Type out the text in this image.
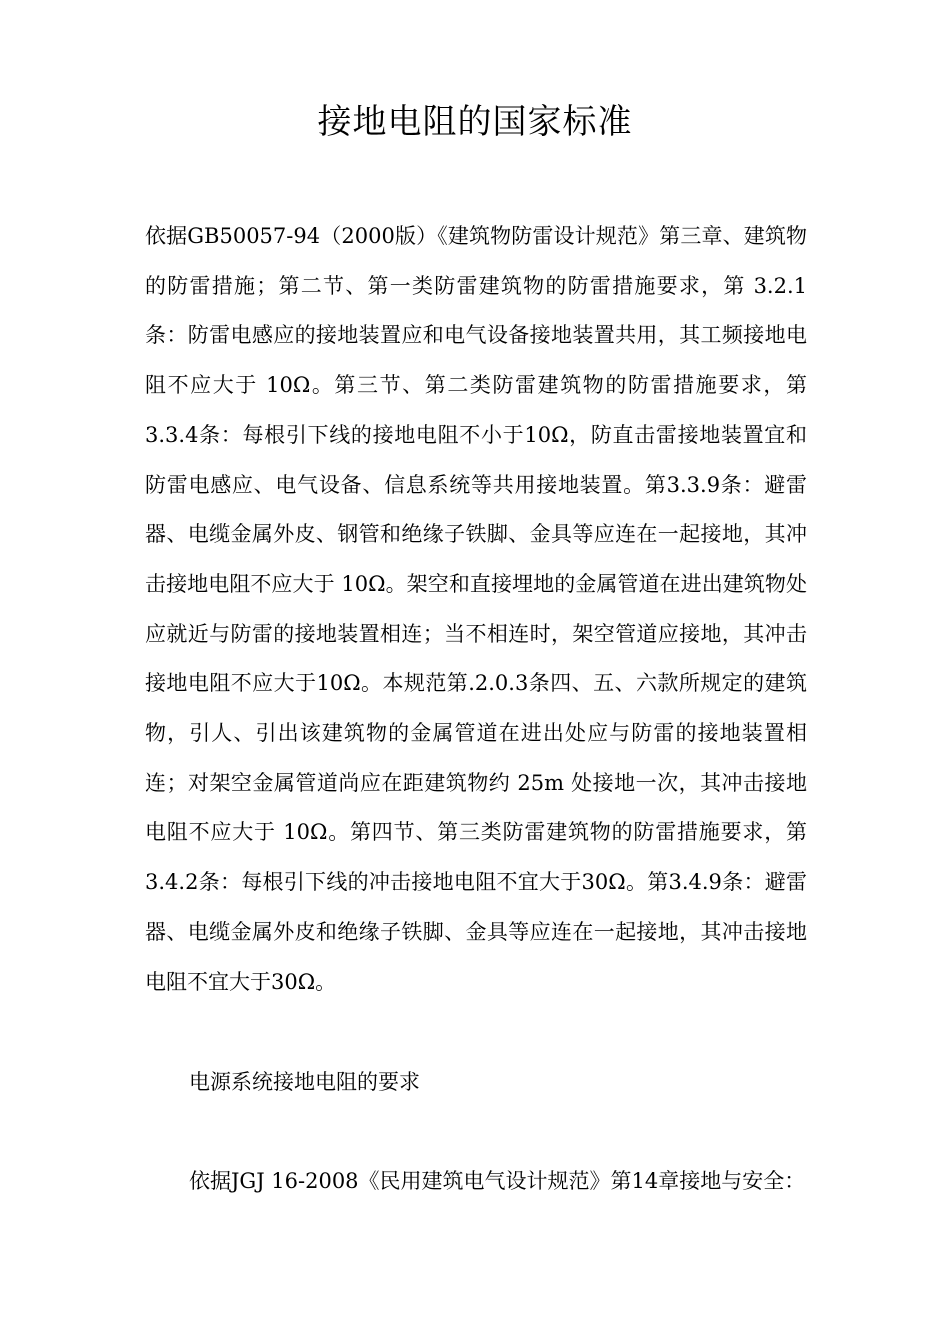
接地电阻的国家标准

依据GB50057-94（2000版）《建筑物防雷设计规范》第三章、建筑物的防雷措施；第二节、第一类防雷建筑物的防雷措施要求，第 3.2.1条：防雷电感应的接地装置应和电气设备接地装置共用，其工频接地电阻不应大于 10Ω。第三节、第二类防雷建筑物的防雷措施要求，第3.3.4条：每根引下线的接地电阻不小于10Ω，防直击雷接地装置宜和防雷电感应、电气设备、信息系统等共用接地装置。第3.3.9条：避雷器、电缆金属外皮、钢管和绝缘子铁脚、金具等应连在一起接地，其冲击接地电阻不应大于 10Ω。架空和直接埋地的金属管道在进出建筑物处应就近与防雷的接地装置相连；当不相连时，架空管道应接地，其冲击接地电阻不应大于10Ω。本规范第.2.0.3条四、五、六款所规定的建筑物，引人、引出该建筑物的金属管道在进出处应与防雷的接地装置相连；对架空金属管道尚应在距建筑物约 25m 处接地一次，其冲击接地电阻不应大于 10Ω。第四节、第三类防雷建筑物的防雷措施要求，第3.4.2条：每根引下线的冲击接地电阻不宜大于30Ω。第3.4.9条：避雷器、电缆金属外皮和绝缘子铁脚、金具等应连在一起接地，其冲击接地电阻不宜大于30Ω。

电源系统接地电阻的要求

依据JGJ 16-2008《民用建筑电气设计规范》第14章接地与安全：
